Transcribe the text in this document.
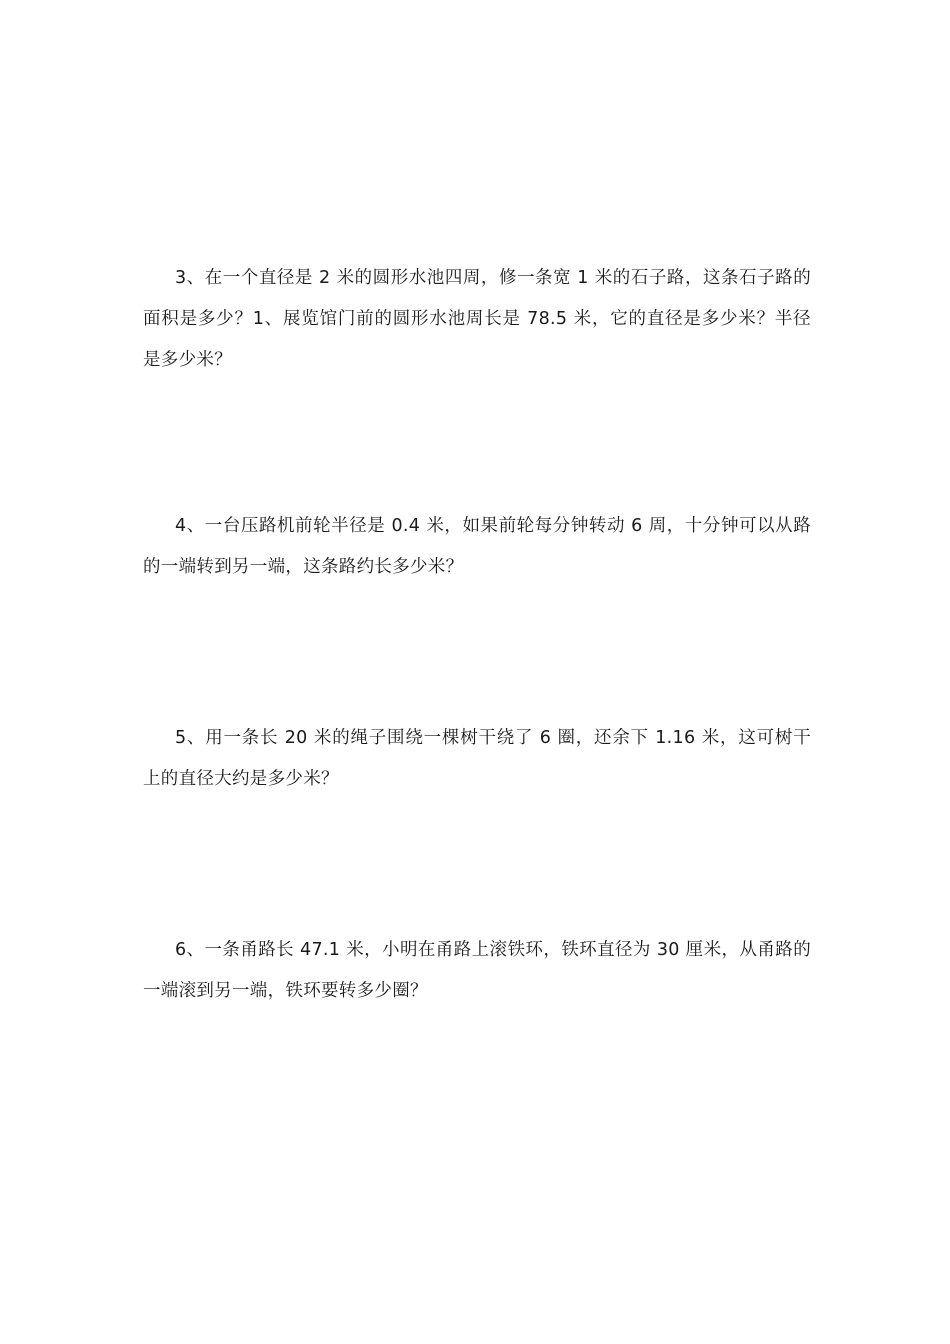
3、在一个直径是 2 米的圆形水池四周，修一条宽 1 米的石子路，这条石子路的面积是多少？1、展览馆门前的圆形水池周长是 78.5 米，它的直径是多少米？半径是多少米？

4、一台压路机前轮半径是 0.4 米，如果前轮每分钟转动 6 周，十分钟可以从路的一端转到另一端，这条路约长多少米？

5、用一条长 20 米的绳子围绕一棵树干绕了 6 圈，还余下 1.16 米，这可树干上的直径大约是多少米？

6、一条甬路长 47.1 米，小明在甬路上滚铁环，铁环直径为 30 厘米，从甬路的一端滚到另一端，铁环要转多少圈？
